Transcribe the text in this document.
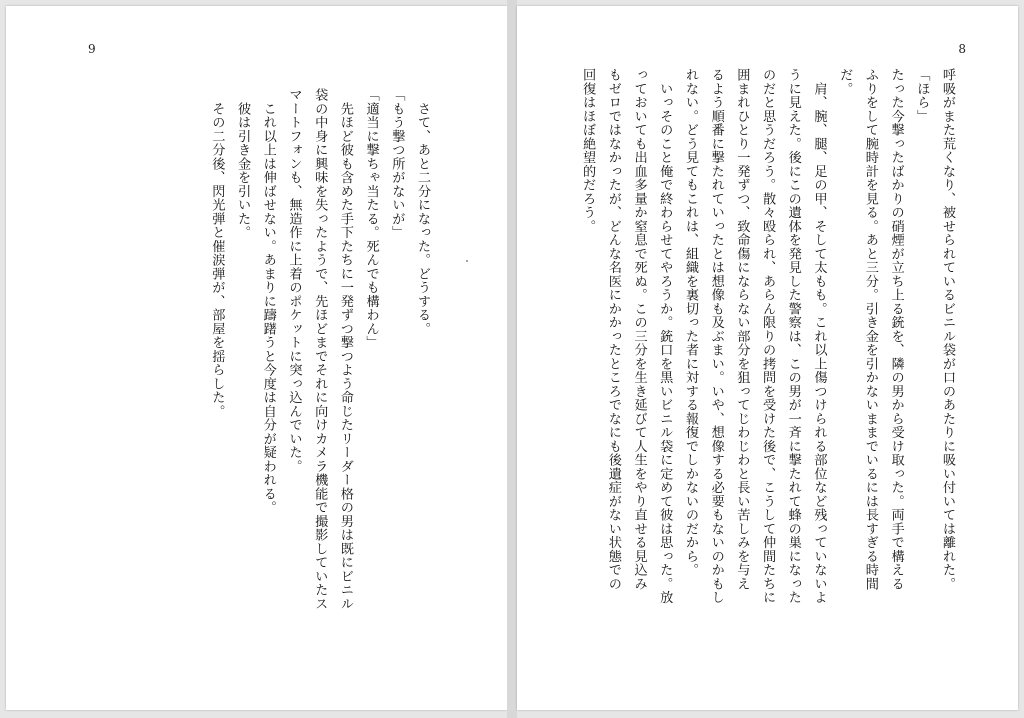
9

　さて、あと二分になった。どうする。

「もう撃つ所がないが」

「適当に撃ちゃ当たる。死んでも構わん」

　先ほど彼も含めた手下たちに一発ずつ撃つよう命じたリーダー格の男は既にビニル

袋の中身に興味を失ったようで、先ほどまでそれに向けカメラ機能で撮影していたス

マートフォンも、無造作に上着のポケットに突っ込んでいた。

　これ以上は伸ばせない。あまりに躊躇うと今度は自分が疑われる。

　彼は引き金を引いた。

　その二分後、閃光弾と催涙弾が、部屋を揺らした。

8

呼吸がまた荒くなり、被せられているビニル袋が口のあたりに吸い付いては離れた。

「ほら」

たった今撃ったばかりの硝煙が立ち上る銃を、隣の男から受け取った。両手で構える

ふりをして腕時計を見る。あと三分。引き金を引かないままでいるには長すぎる時間

だ。

　肩、腕、腿、足の甲、そして太もも。これ以上傷つけられる部位など残っていないよ

うに見えた。後にこの遺体を発見した警察は、この男が一斉に撃たれて蜂の巣になった

のだと思うだろう。散々殴られ、あらん限りの拷問を受けた後で、こうして仲間たちに

囲まれひとり一発ずつ、致命傷にならない部分を狙ってじわじわと長い苦しみを与え

るよう順番に撃たれていったとは想像も及ぶまい。いや、想像する必要もないのかもし

れない。どう見てもこれは、組織を裏切った者に対する報復でしかないのだから。

　いっそのこと俺で終わらせてやろうか。銃口を黒いビニル袋に定めて彼は思った。放

っておいても出血多量か窒息で死ぬ。この三分を生き延びて人生をやり直せる見込み

もゼロではなかったが、どんな名医にかかったところでなにも後遺症がない状態での

回復はほぼ絶望的だろう。
